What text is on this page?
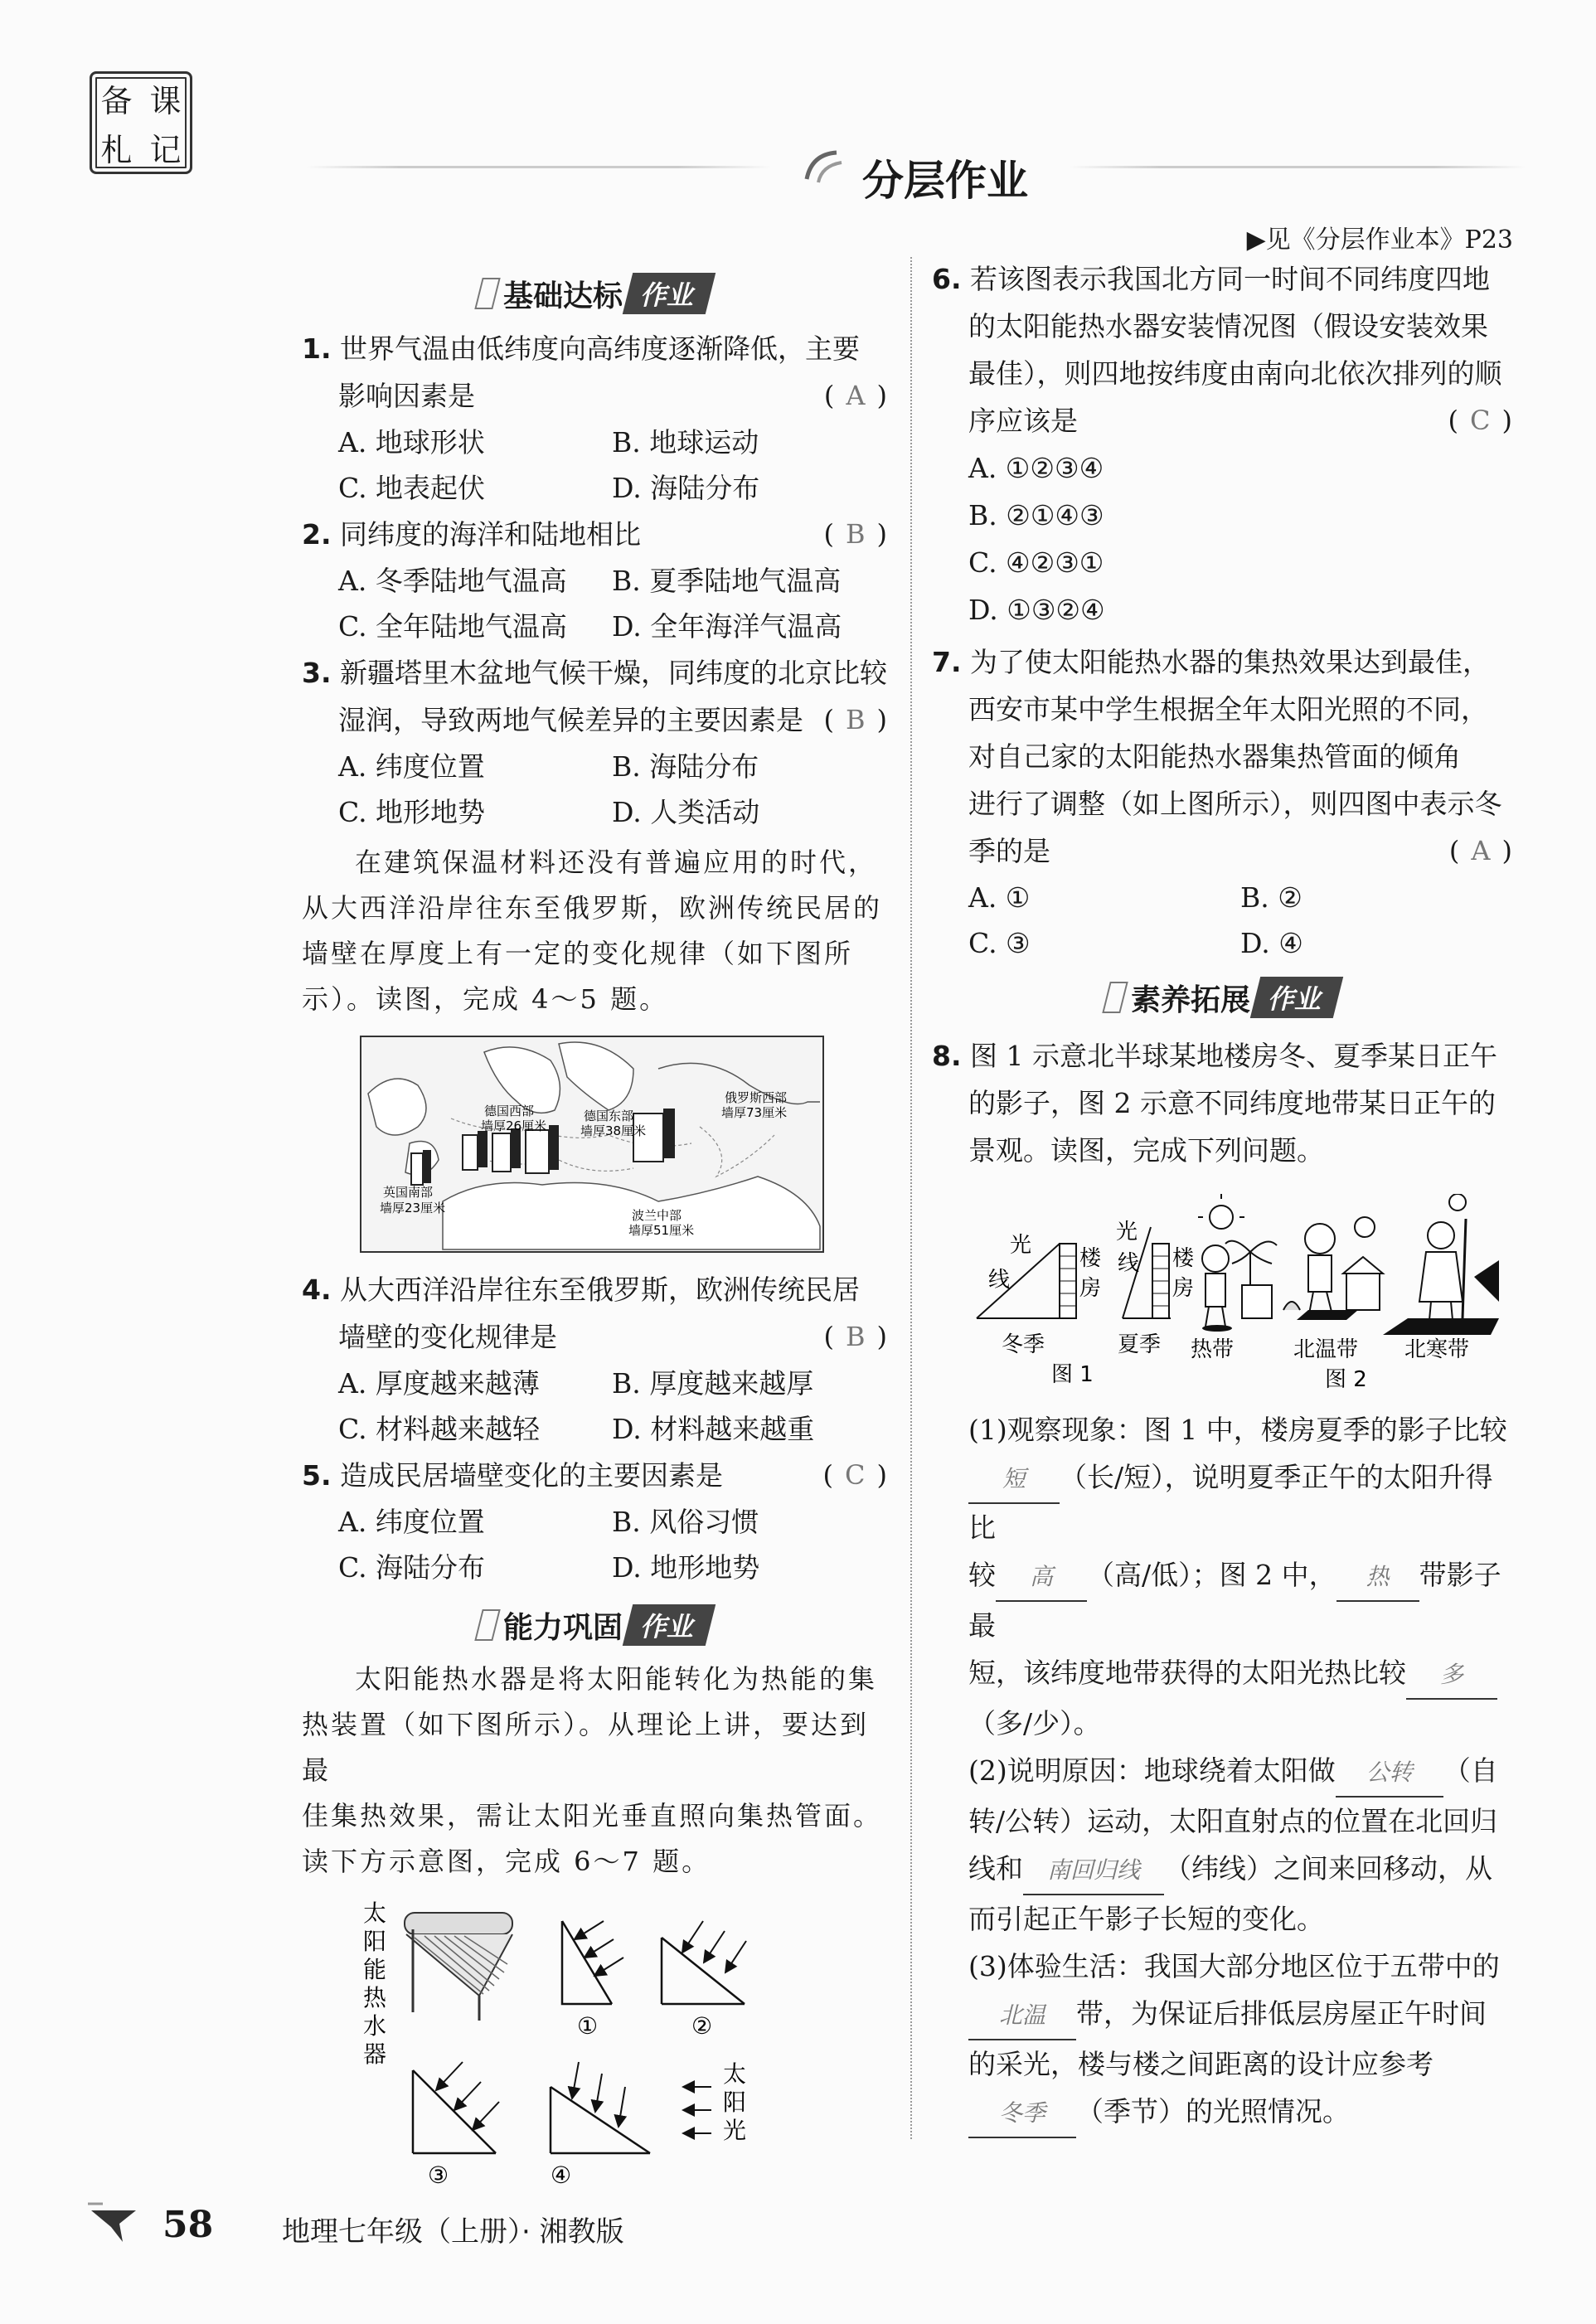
备 课
札 记
分层作业
▶见《分层作业本》P23
基础达标 作业
1. 世界气温由低纬度向高纬度逐渐降低，主要
影响因素是	( A )
A. 地球形状	B. 地球运动
C. 地表起伏	D. 海陆分布
2. 同纬度的海洋和陆地相比	( B )
A. 冬季陆地气温高	B. 夏季陆地气温高
C. 全年陆地气温高	D. 全年海洋气温高
3. 新疆塔里木盆地气候干燥，同纬度的北京比较
湿润，导致两地气候差异的主要因素是 ( B )
A. 纬度位置	B. 海陆分布
C. 地形地势	D. 人类活动
在建筑保温材料还没有普遍应用的时代，
从大西洋沿岸往东至俄罗斯，欧洲传统民居的
墙壁在厚度上有一定的变化规律（如下图所
示）。读图，完成 4～5 题。
英国南部
墙厚23厘米
德国西部
墙厚26厘米
德国东部
墙厚38厘米
波兰中部
墙厚51厘米
俄罗斯西部
墙厚73厘米
4. 从大西洋沿岸往东至俄罗斯，欧洲传统民居
墙壁的变化规律是	( B )
A. 厚度越来越薄	B. 厚度越来越厚
C. 材料越来越轻	D. 材料越来越重
5. 造成民居墙壁变化的主要因素是	( C )
A. 纬度位置	B. 风俗习惯
C. 海陆分布	D. 地形地势
能力巩固 作业
太阳能热水器是将太阳能转化为热能的集
热装置（如下图所示）。从理论上讲，要达到最
佳集热效果，需让太阳光垂直照向集热管面。
读下方示意图，完成 6～7 题。
太
阳
能
热
水
器
①	②
③	④
太
阳
光
6. 若该图表示我国北方同一时间不同纬度四地
的太阳能热水器安装情况图（假设安装效果
最佳），则四地按纬度由南向北依次排列的顺
序应该是	( C )
A. ①②③④
B. ②①④③
C. ④②③①
D. ①③②④
7. 为了使太阳能热水器的集热效果达到最佳，
西安市某中学生根据全年太阳光照的不同，
对自己家的太阳能热水器集热管面的倾角
进行了调整（如上图所示），则四图中表示冬
季的是	( A )
A. ①	B. ②
C. ③	D. ④
素养拓展 作业
8. 图 1 示意北半球某地楼房冬、夏季某日正午
的影子，图 2 示意不同纬度地带某日正午的
景观。读图，完成下列问题。
光
线
楼
房
冬季
光
线 楼
房
夏季
图 1
热带	北温带 北寒带
图 2
(1)观察现象：图 1 中，楼房夏季的影子比较
短 （长/短），说明夏季正午的太阳升得比
较 高 （高/低）；图 2 中， 热 带影子最
短，该纬度地带获得的太阳光热比较 多
（多/少）。
(2)说明原因：地球绕着太阳做 公转 （自
转/公转）运动，太阳直射点的位置在北回归
线和 南回归线 （纬线）之间来回移动，从
而引起正午影子长短的变化。
(3)体验生活：我国大部分地区位于五带中的
北温 带，为保证后排低层房屋正午时间
的采光，楼与楼之间距离的设计应参考
冬季 （季节）的光照情况。
58 地理七年级（上册）· 湘教版
